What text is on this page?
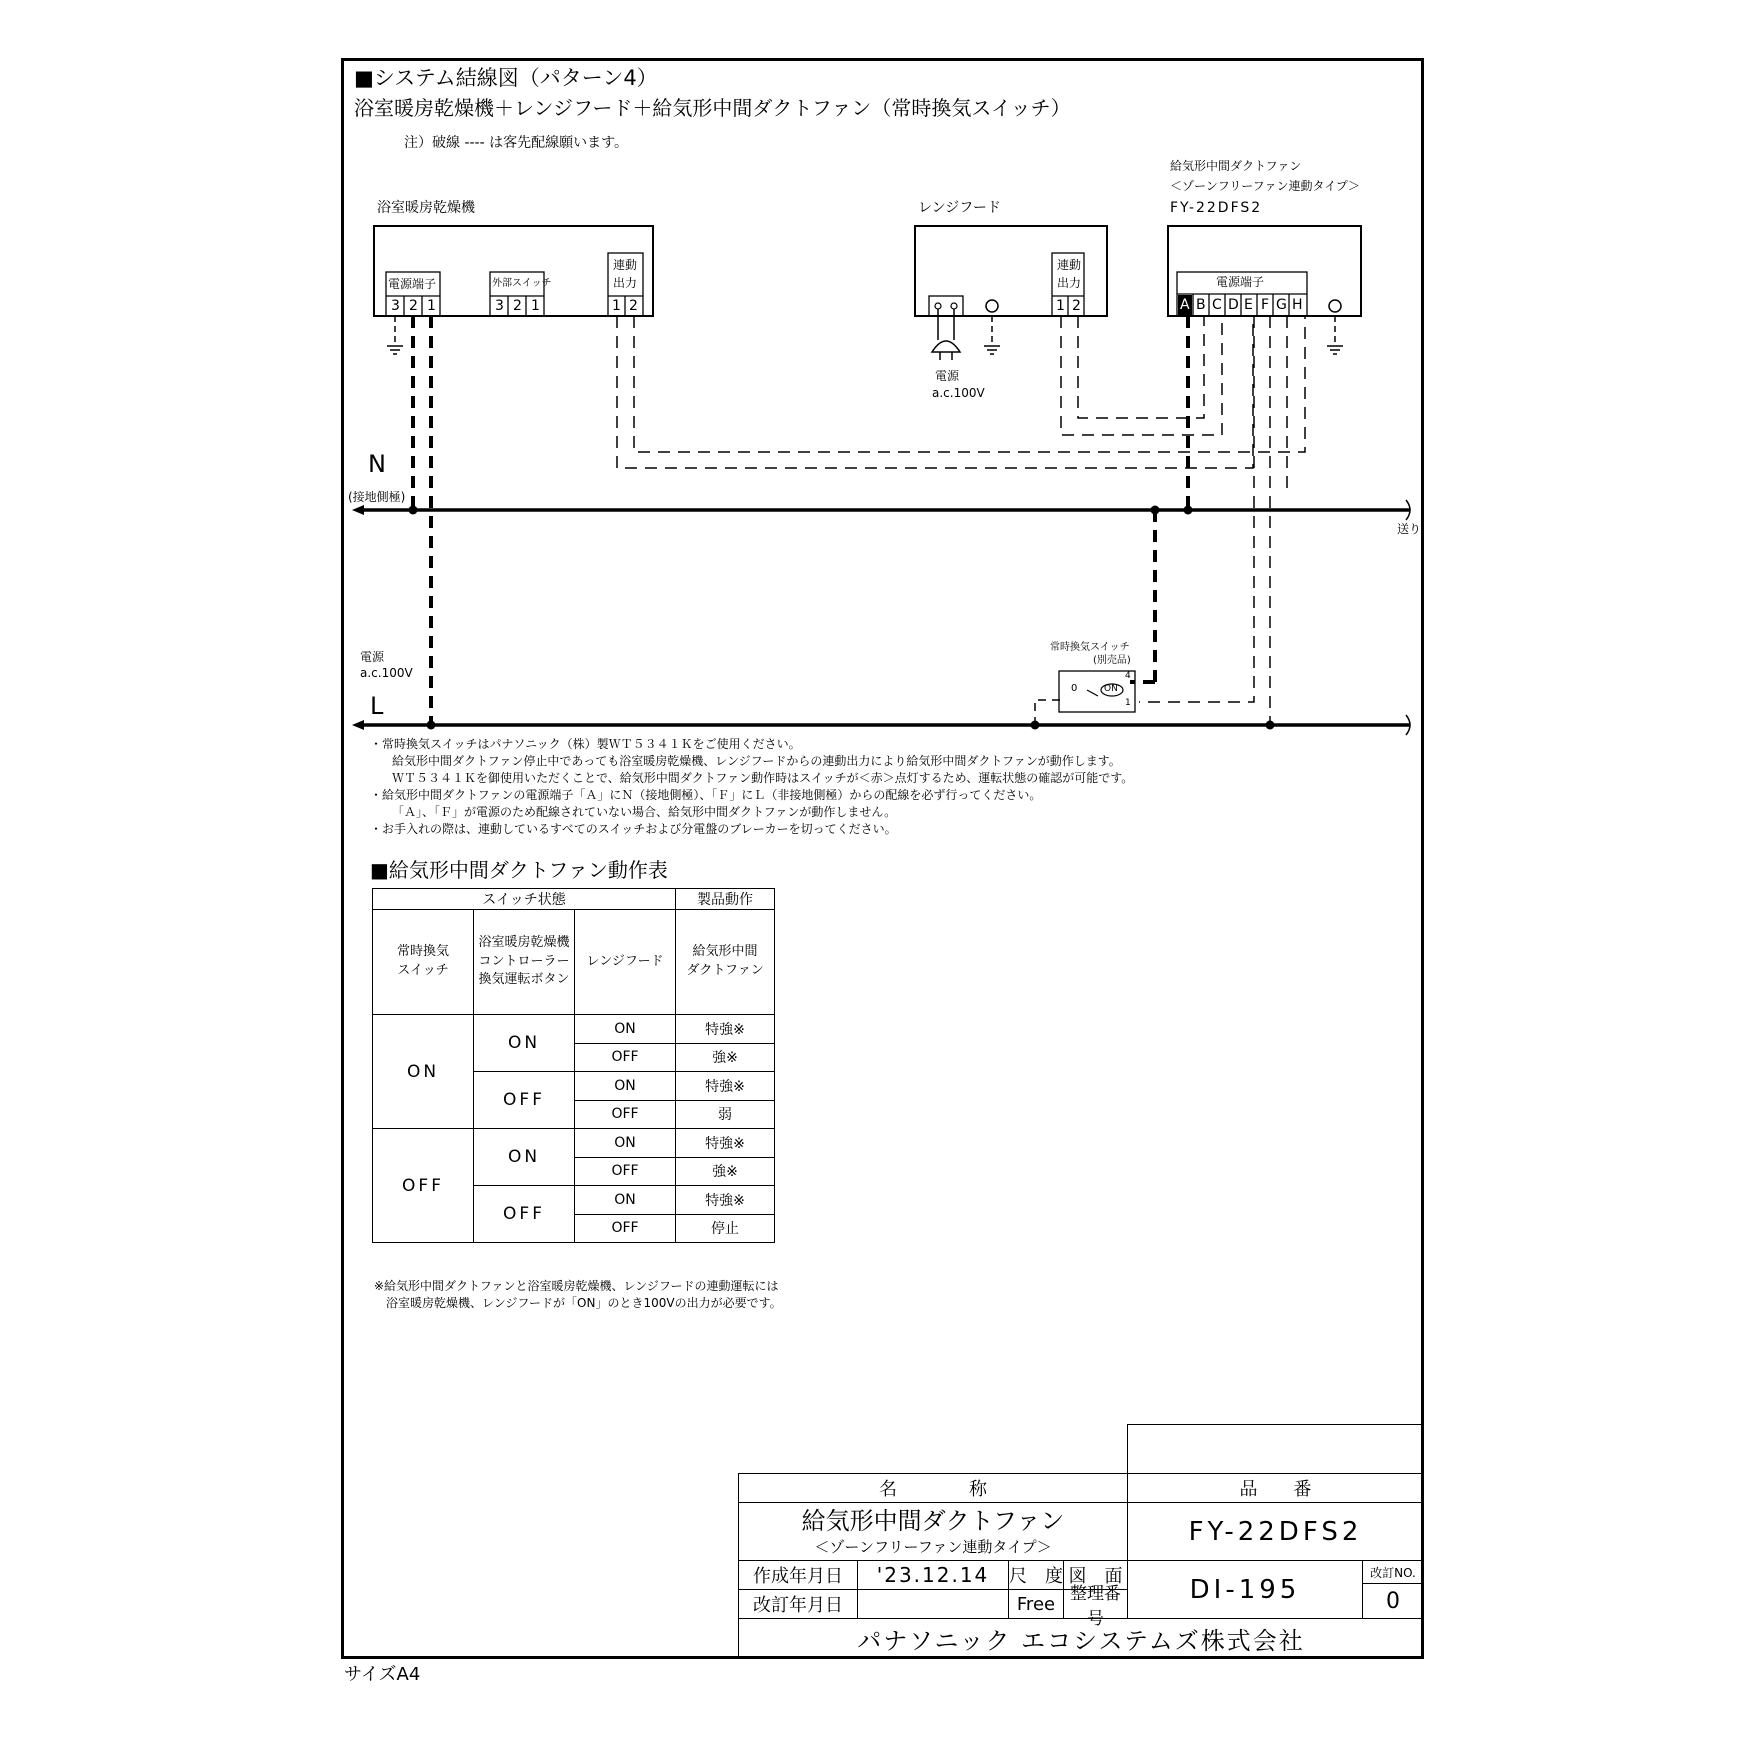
■システム結線図（パターン4）
浴室暖房乾燥機＋レンジフード＋給気形中間ダクトファン（常時換気スイッチ）
注）破線 ---- は客先配線願います。
浴室暖房乾燥機
電源端子
3 2 1
外部スイッチ
3 2 1
連動
出力
1 2
レンジフード
連動
出力
1 2
電源
a.c.100V
給気形中間ダクトファン
＜ゾーンフリーファン連動タイプ＞
FY-22DFS2
電源端子
A B C D E F G H
N
(接地側極)
送り
電源
a.c.100V
L
常時換気スイッチ
(別売品)
0	ON
4
1
・常時換気スイッチはパナソニック（株）製ＷＴ５３４１Ｋをご使用ください。
給気形中間ダクトファン停止中であっても浴室暖房乾燥機、レンジフードからの連動出力により給気形中間ダクトファンが動作します。
ＷＴ５３４１Ｋを御使用いただくことで、給気形中間ダクトファン動作時はスイッチが＜赤＞点灯するため、運転状態の確認が可能です。
・給気形中間ダクトファンの電源端子「Ａ」にＮ（接地側極）、「Ｆ」にＬ（非接地側極）からの配線を必ず行ってください。
「Ａ」、「Ｆ」が電源のため配線されていない場合、給気形中間ダクトファンが動作しません。
・お手入れの際は、連動しているすべてのスイッチおよび分電盤のブレーカーを切ってください。
■給気形中間ダクトファン動作表
スイッチ状態			製品動作
常時換気
スイッチ	浴室暖房乾燥機
コントローラー
換気運転ボタン	レンジフード	給気形中間
ダクトファン
ON	ON	ON	特強※
		OFF	強※
	OFF	ON	特強※
		OFF	弱
OFF	ON	ON	特強※
		OFF	強※
	OFF	ON	特強※
		OFF	停止
※給気形中間ダクトファンと浴室暖房乾燥機、レンジフードの連動運転には
浴室暖房乾燥機、レンジフードが「ON」のとき100Vの出力が必要です。
名　　　　称	品　　番
給気形中間ダクトファン
＜ゾーンフリーファン連動タイプ＞
FY-22DFS2
作成年月日	'23.12.14	尺　度 図　面
改訂年月日	Free 整理番号
DI-195
改訂NO.
0
パナソニック エコシステムズ株式会社
サイズA4
